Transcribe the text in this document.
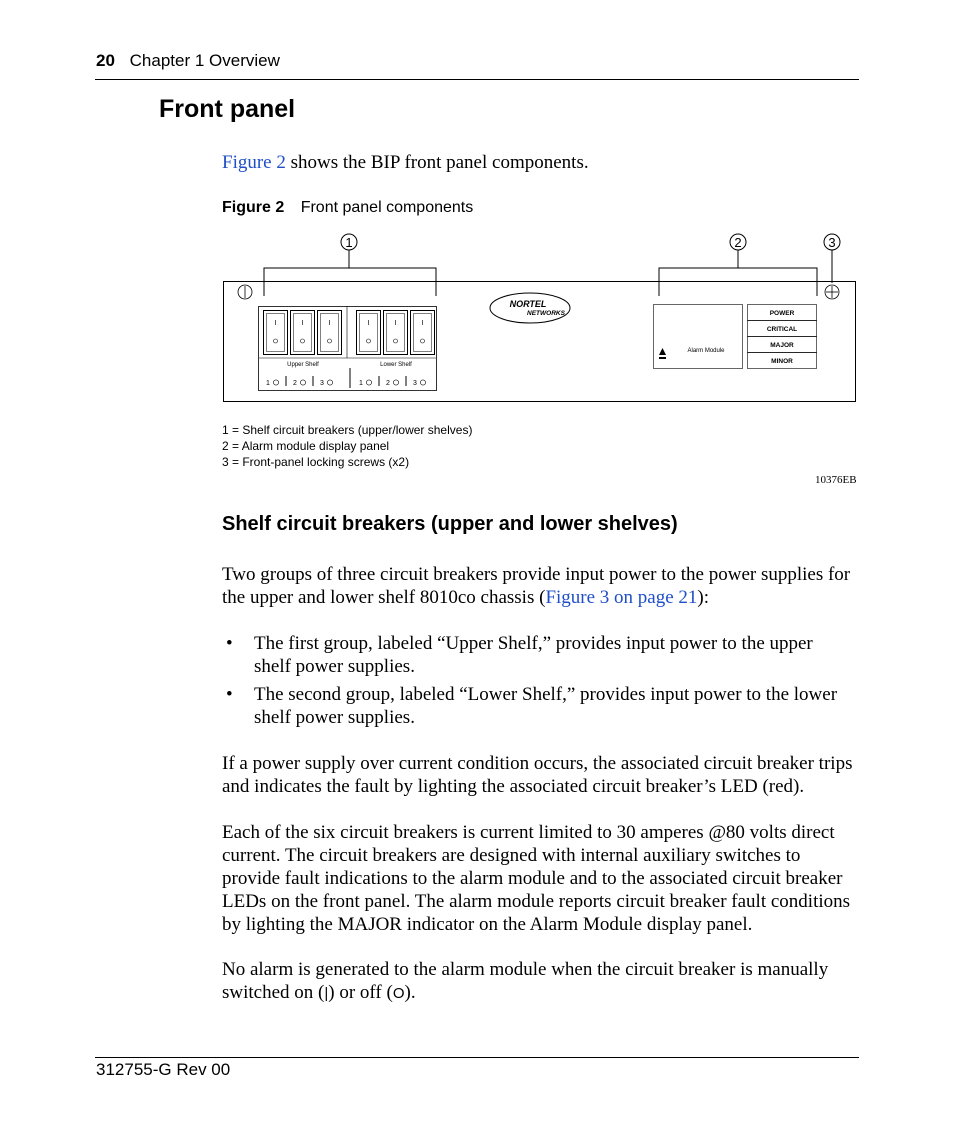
20 Chapter 1 Overview
Front panel

Figure 2 shows the BIP front panel components.

Figure 2 Front panel components
1	2	3
I	I	I	I	I	I
Upper Shelf	Lower Shelf
1	2	3	1	2	3
NORTEL
NETWORKS
Alarm Module
POWER
CRITICAL
MAJOR
MINOR
1 = Shelf circuit breakers (upper/lower shelves)
2 = Alarm module display panel
3 = Front-panel locking screws (x2)
10376EB
Shelf circuit breakers (upper and lower shelves)

Two groups of three circuit breakers provide input power to the power supplies for the upper and lower shelf 8010co chassis (Figure 3 on page 21):

• The first group, labeled “Upper Shelf,” provides input power to the upper shelf power supplies.
• The second group, labeled “Lower Shelf,” provides input power to the lower shelf power supplies.

If a power supply over current condition occurs, the associated circuit breaker trips and indicates the fault by lighting the associated circuit breaker’s LED (red).

Each of the six circuit breakers is current limited to 30 amperes @80 volts direct current. The circuit breakers are designed with internal auxiliary switches to provide fault indications to the alarm module and to the associated circuit breaker LEDs on the front panel. The alarm module reports circuit breaker fault conditions by lighting the MAJOR indicator on the Alarm Module display panel.

No alarm is generated to the alarm module when the circuit breaker is manually switched on (|) or off (O).

312755-G Rev 00
